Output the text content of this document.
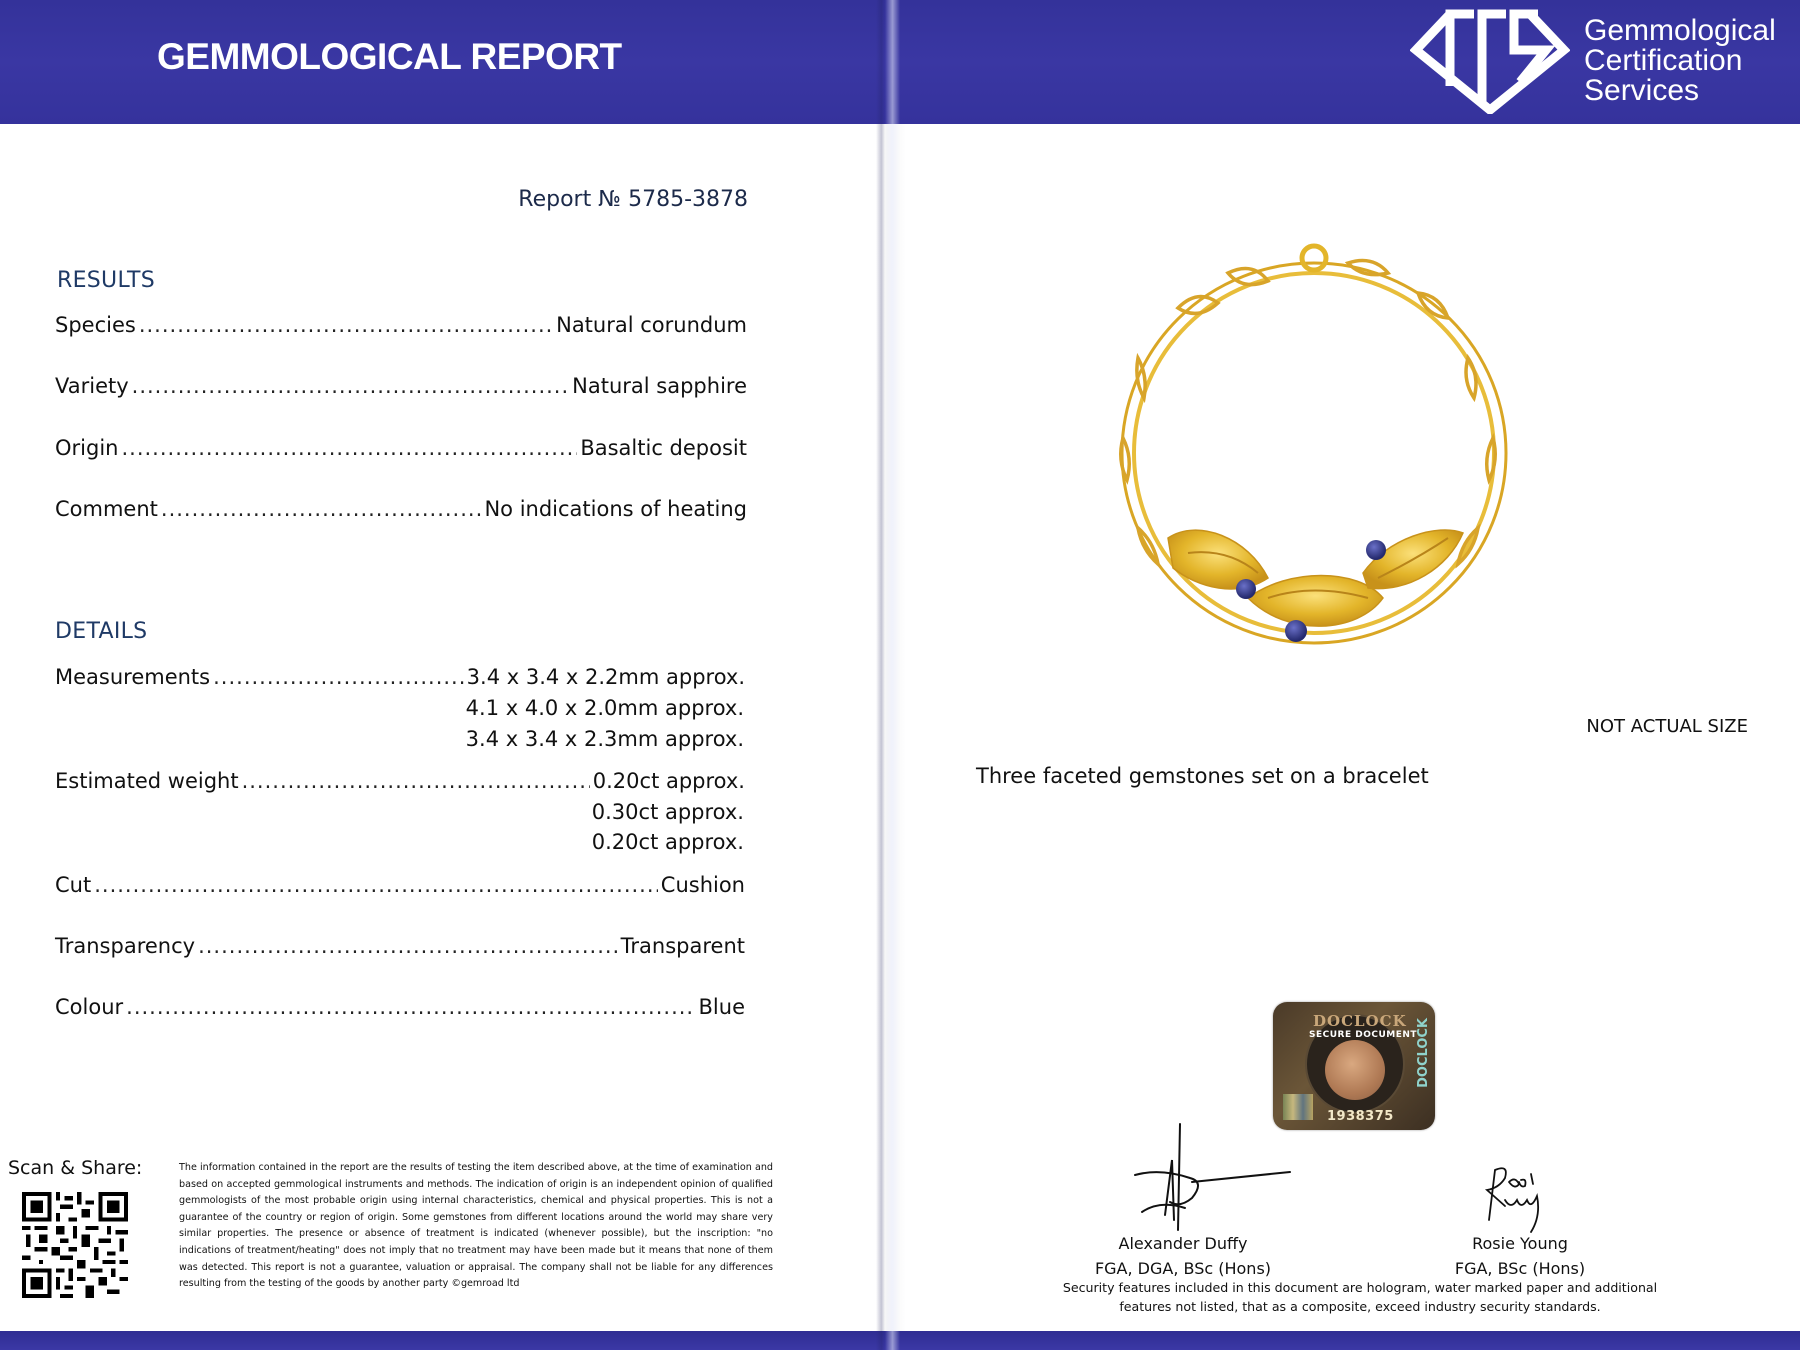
GEMMOLOGICAL REPORT
Gemmological
Certification
Services
Report № 5785-3878
RESULTS
Species .....	Natural corundum
Variety .....	Natural sapphire
Origin .....	Basaltic deposit
Comment .....	No indications of heating
DETAILS
Measurements .....	3.4 x 3.4 x 2.2mm approx.
4.1 x 4.0 x 2.0mm approx.
3.4 x 3.4 x 2.3mm approx.
Estimated weight .....	0.20ct approx.
0.30ct approx.
0.20ct approx.
Cut .....	Cushion
Transparency .....	Transparent
Colour .....	Blue
Scan & Share:	The information contained in the report are the results of testing the item described above, at the time of examination and based on accepted gemmological instruments and methods. The indication of origin is an independent opinion of qualified gemmologists of the most probable origin using internal characteristics, chemical and physical properties. This is not a guarantee of the country or region of origin. Some gemstones from different locations around the world may share very similar properties. The presence or absence of treatment is indicated (whenever possible), but the inscription: "no indications of treatment/heating" does not imply that no treatment may have been made but it means that none of them was detected. This report is not a guarantee, valuation or appraisal. The company shall not be liable for any differences resulting from the testing of the goods by another party ©gemroad ltd
NOT ACTUAL SIZE
Three faceted gemstones set on a bracelet
DOCLOCK
SECURE DOCUMENT
DOCLOCK
1938375
Alexander Duffy
FGA, DGA, BSc (Hons)
Rosie Young
FGA, BSc (Hons)
Security features included in this document are hologram, water marked paper and additional features not listed, that as a composite, exceed industry security standards.
